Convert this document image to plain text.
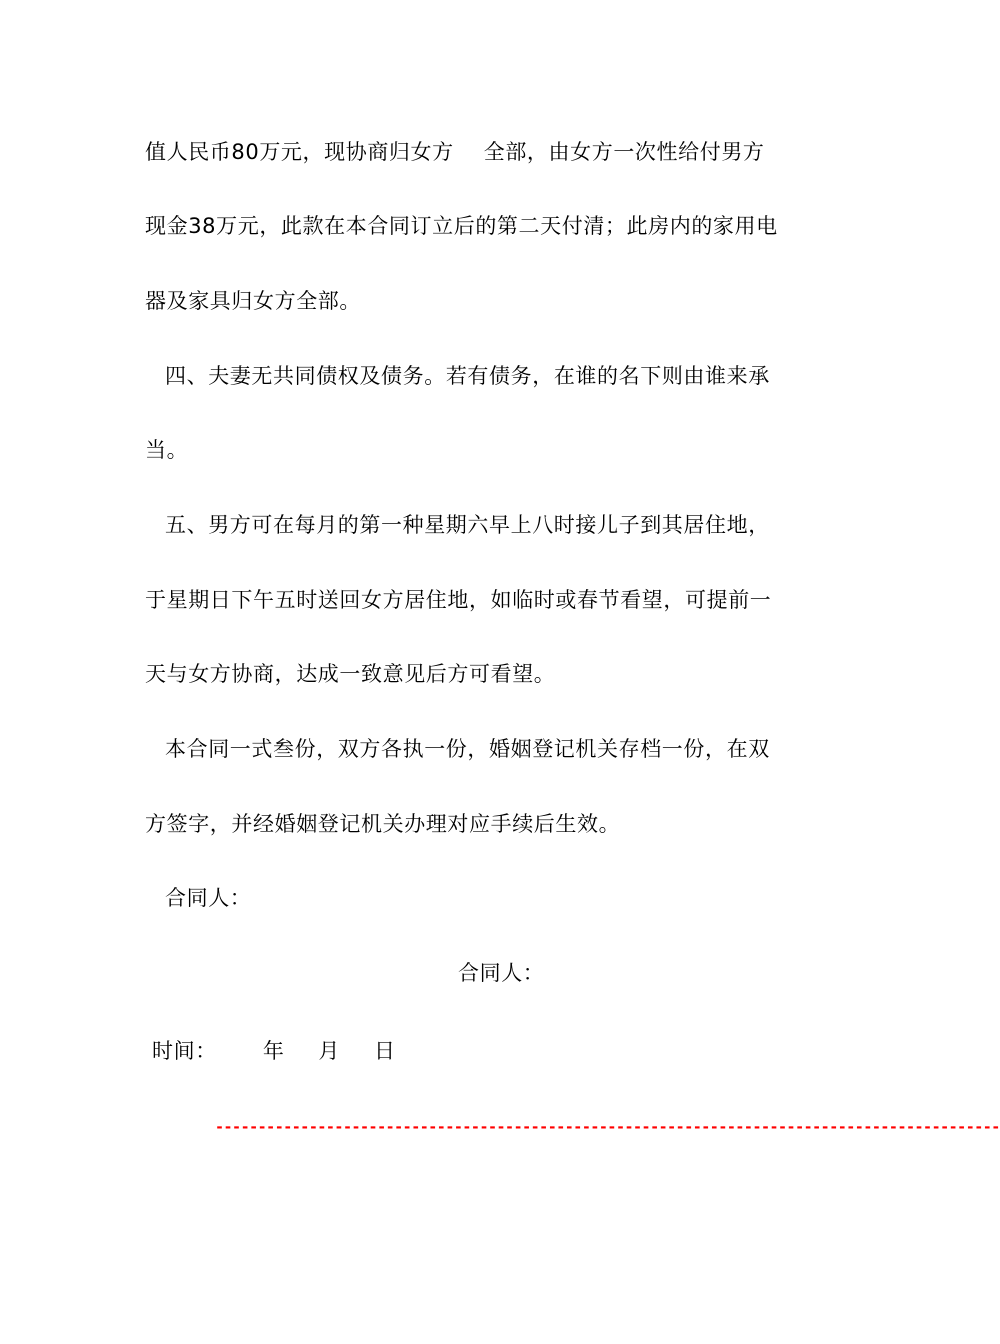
值人民币80万元，现协商归女方 全部，由女方一次性给付男方
现金38万元，此款在本合同订立后的第二天付清；此房内的家用电
器及家具归女方全部。
四、夫妻无共同债权及债务。若有债务，在谁的名下则由谁来承
当。
五、男方可在每月的第一种星期六早上八时接儿子到其居住地，
于星期日下午五时送回女方居住地，如临时或春节看望，可提前一
天与女方协商，达成一致意见后方可看望。
本合同一式叁份，双方各执一份，婚姻登记机关存档一份，在双
方签字，并经婚姻登记机关办理对应手续后生效。
合同人：
合同人：
时间： 年 月 日
--------------------------------------------------------------------------------------------
